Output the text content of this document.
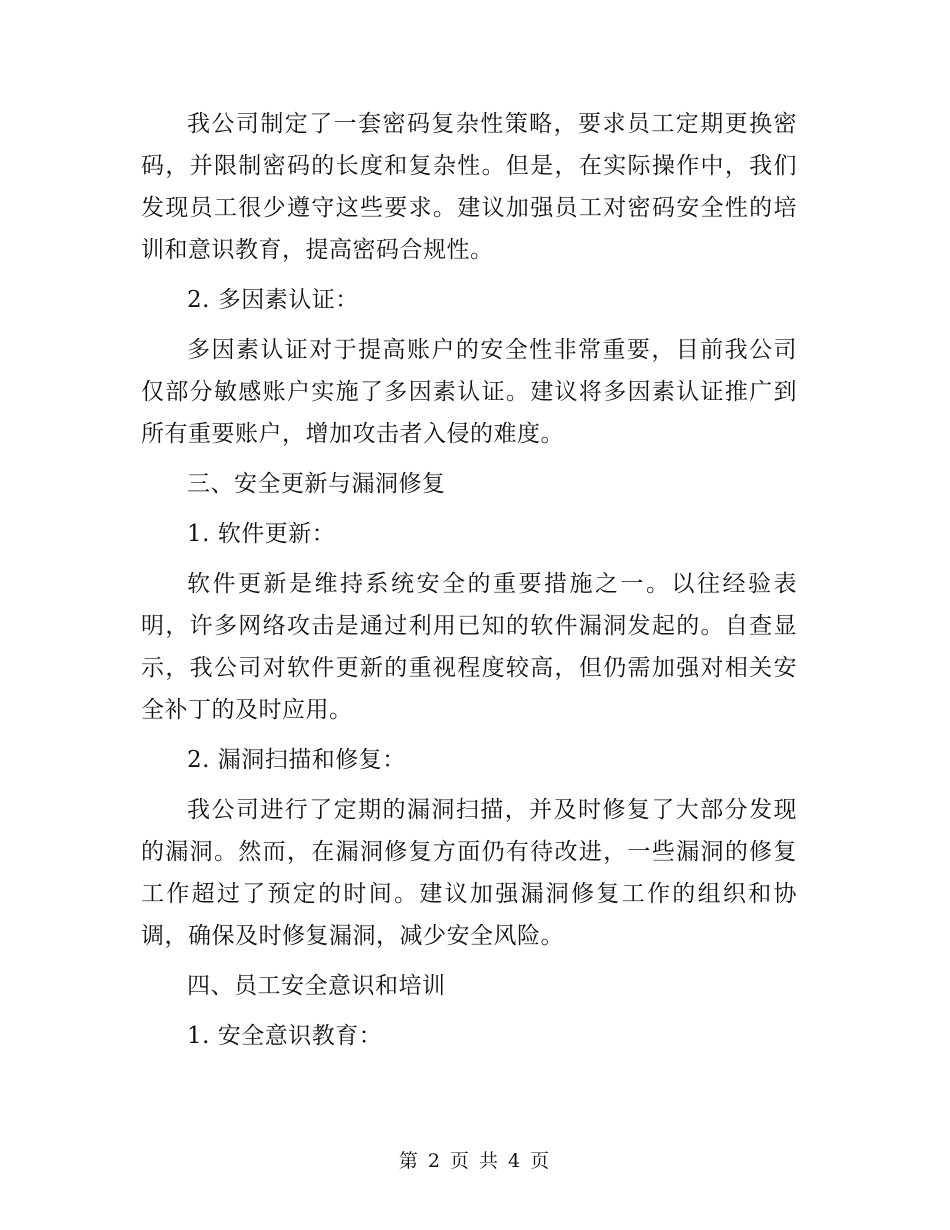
我公司制定了一套密码复杂性策略，要求员工定期更换密码，并限制密码的长度和复杂性。但是，在实际操作中，我们发现员工很少遵守这些要求。建议加强员工对密码安全性的培训和意识教育，提高密码合规性。

2. 多因素认证：

多因素认证对于提高账户的安全性非常重要，目前我公司仅部分敏感账户实施了多因素认证。建议将多因素认证推广到所有重要账户，增加攻击者入侵的难度。

三、安全更新与漏洞修复

1. 软件更新：

软件更新是维持系统安全的重要措施之一。以往经验表明，许多网络攻击是通过利用已知的软件漏洞发起的。自查显示，我公司对软件更新的重视程度较高，但仍需加强对相关安全补丁的及时应用。

2. 漏洞扫描和修复：

我公司进行了定期的漏洞扫描，并及时修复了大部分发现的漏洞。然而，在漏洞修复方面仍有待改进，一些漏洞的修复工作超过了预定的时间。建议加强漏洞修复工作的组织和协调，确保及时修复漏洞，减少安全风险。

四、员工安全意识和培训

1. 安全意识教育：

第 2 页 共 4 页
